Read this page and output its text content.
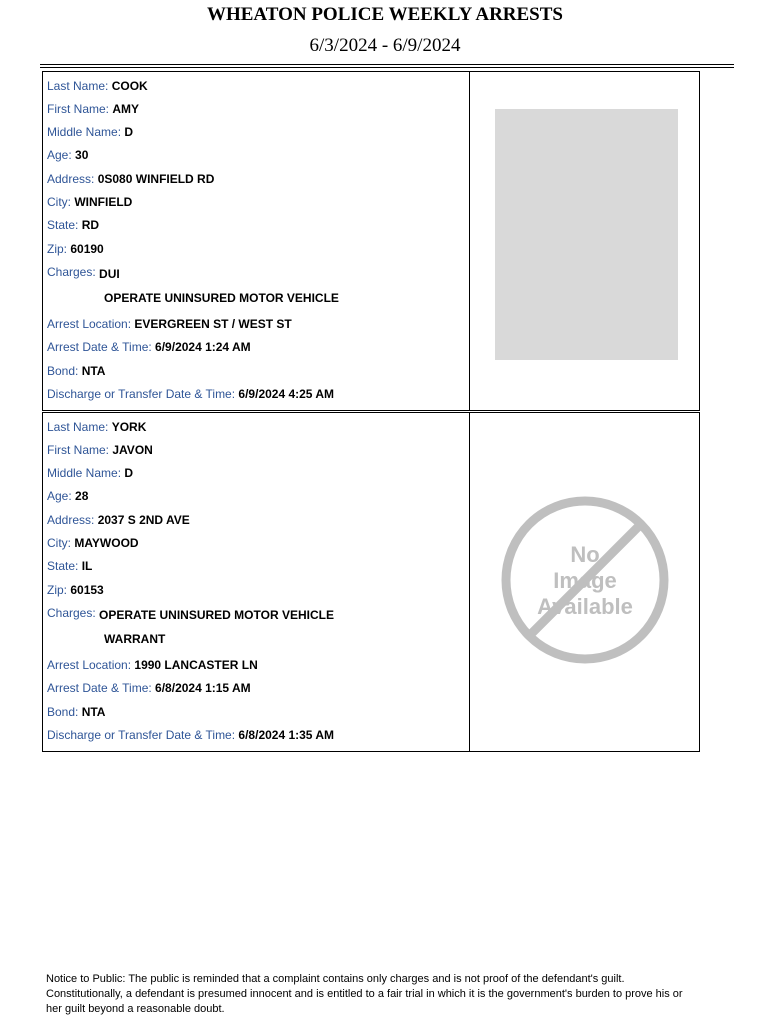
WHEATON POLICE WEEKLY ARRESTS
6/3/2024 - 6/9/2024
Last Name: COOK
First Name: AMY
Middle Name: D
Age: 30
Address: 0S080 WINFIELD RD
City: WINFIELD
State: RD
Zip: 60190
Charges: DUI
OPERATE UNINSURED MOTOR VEHICLE
Arrest Location: EVERGREEN ST / WEST ST
Arrest Date & Time: 6/9/2024 1:24 AM
Bond: NTA
Discharge or Transfer Date & Time: 6/9/2024 4:25 AM
Last Name: YORK
First Name: JAVON
Middle Name: D
Age: 28
Address: 2037 S 2ND AVE
City: MAYWOOD
State: IL
Zip: 60153
Charges: OPERATE UNINSURED MOTOR VEHICLE
WARRANT
Arrest Location: 1990 LANCASTER LN
Arrest Date & Time: 6/8/2024 1:15 AM
Bond: NTA
Discharge or Transfer Date & Time: 6/8/2024 1:35 AM
No
Image
Available
Notice to Public: The public is reminded that a complaint contains only charges and is not proof of the defendant's guilt. Constitutionally, a defendant is presumed innocent and is entitled to a fair trial in which it is the government's burden to prove his or her guilt beyond a reasonable doubt.
